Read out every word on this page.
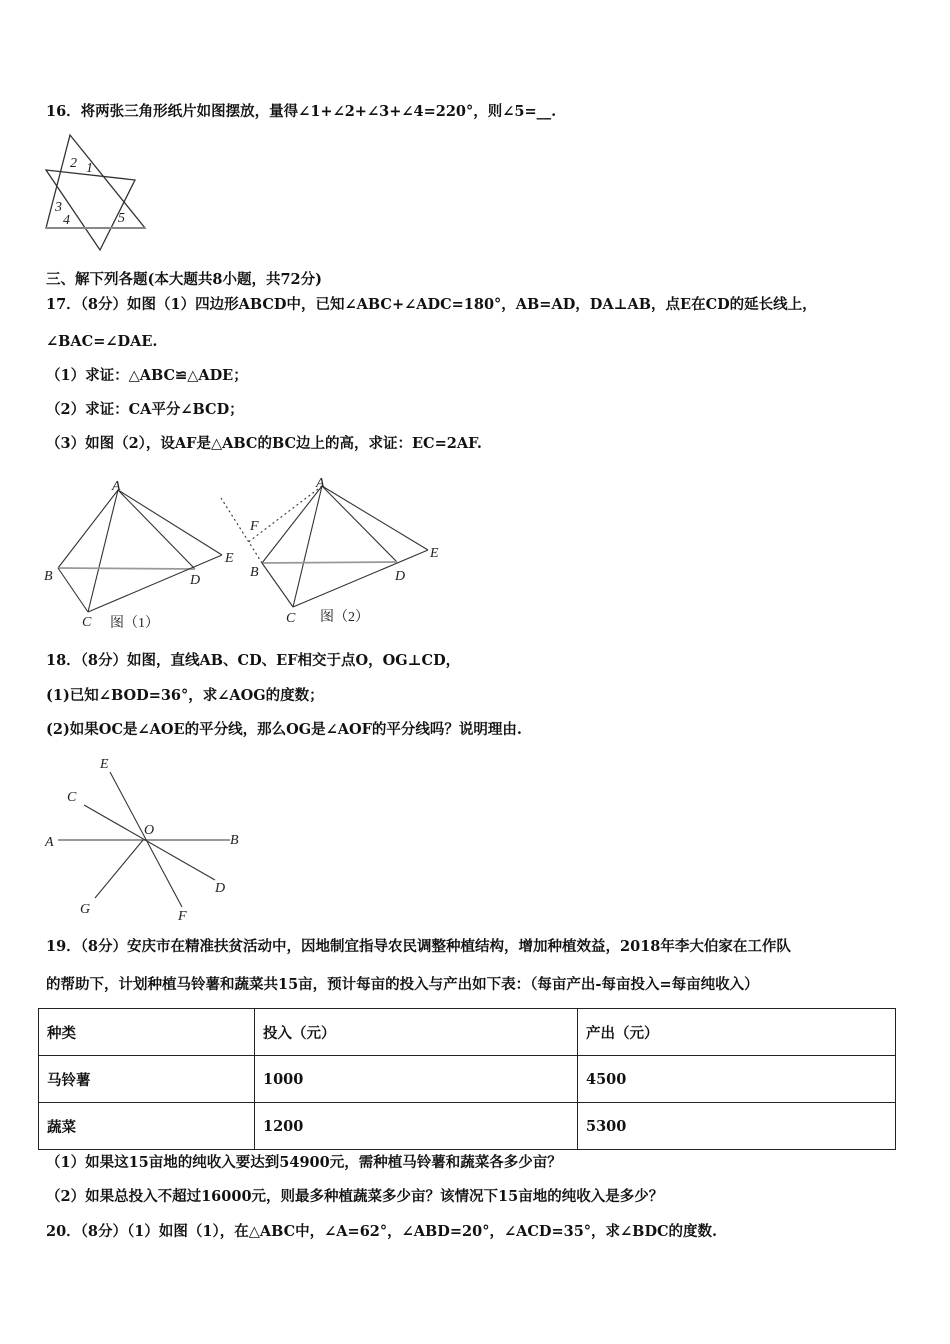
16．将两张三角形纸片如图摆放，量得∠1+∠2+∠3+∠4=220°，则∠5=__.
1
2
3
4	5
A
B
C
D
E
图（1）
A
B
C
D
E
F
图（2）
A	B
C
D
E
F
G
O
三、解下列各题(本大题共8小题，共72分)
17．（8分）如图（1）四边形ABCD中，已知∠ABC+∠ADC=180°，AB=AD，DA⊥AB，点E在CD的延长线上，
∠BAC=∠DAE.
（1）求证：△ABC≌△ADE；
（2）求证：CA平分∠BCD；
（3）如图（2），设AF是△ABC的BC边上的高，求证：EC=2AF.
18．（8分）如图，直线AB、CD、EF相交于点O，OG⊥CD，
(1)已知∠BOD=36°，求∠AOG的度数；
(2)如果OC是∠AOE的平分线，那么OG是∠AOF的平分线吗？说明理由.
19．（8分）安庆市在精准扶贫活动中，因地制宜指导农民调整种植结构，增加种植效益，2018年李大伯家在工作队
的帮助下，计划种植马铃薯和蔬菜共15亩，预计每亩的投入与产出如下表：（每亩产出-每亩投入=每亩纯收入）
种类	投入（元）	产出（元）
马铃薯	1000	4500
蔬菜	1200	5300
（1）如果这15亩地的纯收入要达到54900元，需种植马铃薯和蔬菜各多少亩？
（2）如果总投入不超过16000元，则最多种植蔬菜多少亩？该情况下15亩地的纯收入是多少？
20．（8分）（1）如图（1），在△ABC中，∠A=62°，∠ABD=20°，∠ACD=35°，求∠BDC的度数.
